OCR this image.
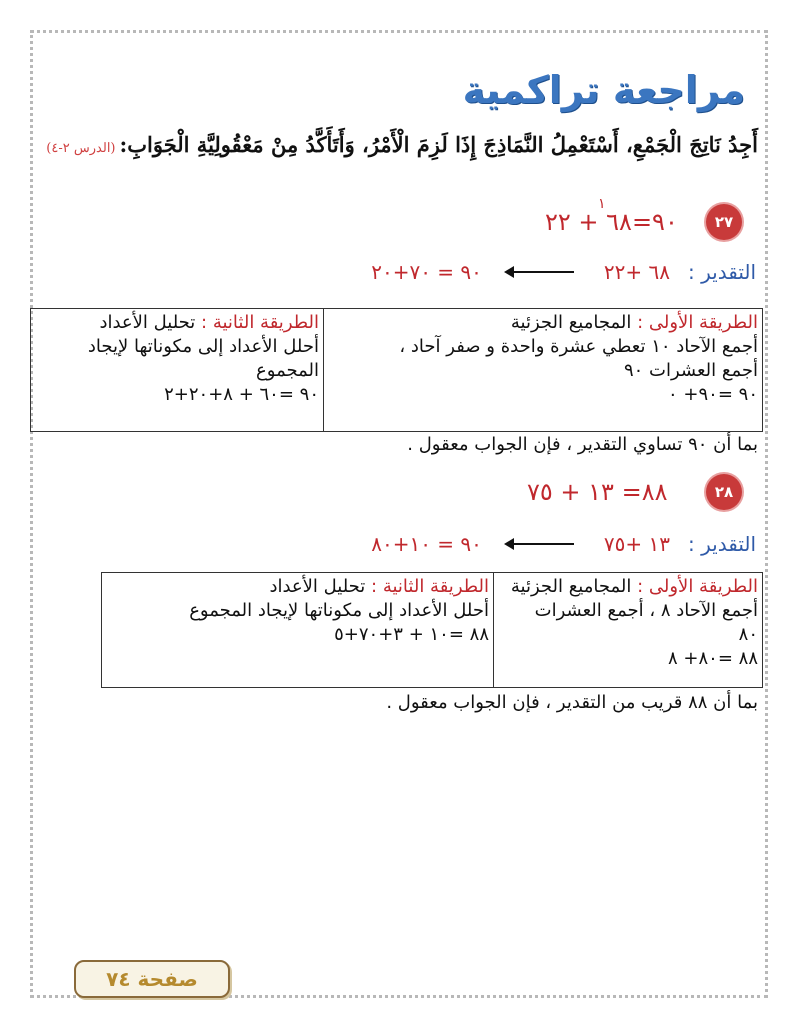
مراجعة تراكمية
أَجِدُ نَاتِجَ الْجَمْعِ، أَسْتَعْمِلُ النَّمَاذِجَ إِذَا لَزِمَ الْأَمْرُ، وَأَتَأَكَّدُ مِنْ مَعْقُولِيَّةِ الْجَوَابِ:(الدرس ٢-٤)
٢٧
١
٩٠=٦٨ + ٢٢
التقدير :
٦٨ +٢٢
٩٠ = ٧٠+٢٠
الطريقة الأولى : المجاميع الجزئية
أجمع الآحاد ١٠ تعطي عشرة واحدة و صفر آحاد ،
أجمع العشرات ٩٠
٩٠ =٩٠+ ٠

الطريقة الثانية : تحليل الأعداد
أحلل الأعداد إلى مكوناتها لإيجاد
المجموع
٩٠ =٦٠ + ٨+٢٠+٢
بما أن ٩٠ تساوي التقدير ، فإن الجواب معقول .
٢٨
٨٨= ١٣ + ٧٥
التقدير :
١٣ +٧٥
٩٠ = ١٠+٨٠
الطريقة الأولى : المجاميع الجزئية
أجمع الآحاد ٨ ، أجمع العشرات
٨٠
٨٨ =٨٠+ ٨

الطريقة الثانية : تحليل الأعداد
أحلل الأعداد إلى مكوناتها لإيجاد المجموع
٨٨ =١٠ + ٣+٧٠+٥
بما أن ٨٨ قريب من التقدير ، فإن الجواب معقول .
صفحة ٧٤
